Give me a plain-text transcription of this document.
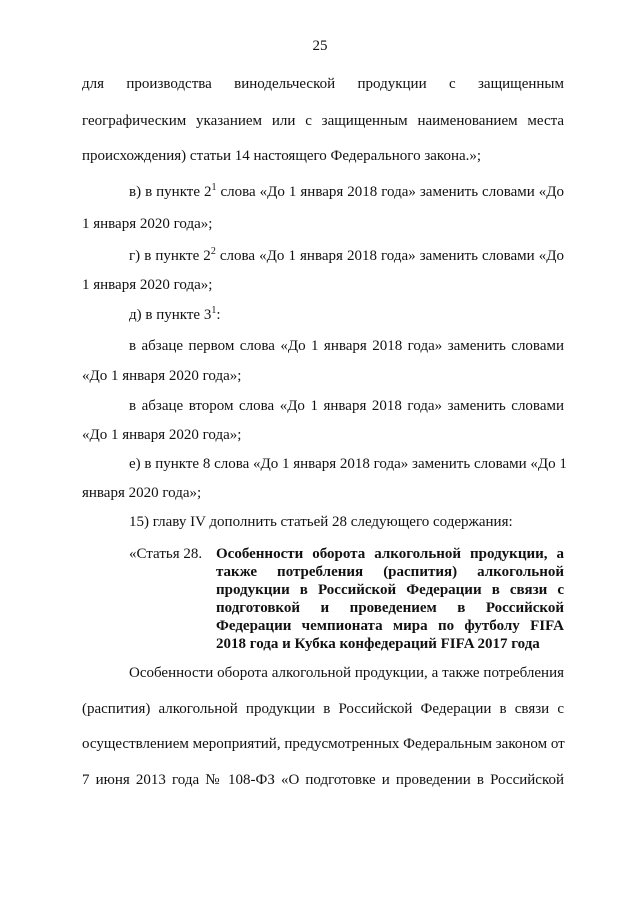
25
для производства винодельческой продукции с защищенным
географическим указанием или с защищенным наименованием места
происхождения) статьи 14 настоящего Федерального закона.»;
в) в пункте $2^1$ слова «До 1 января 2018 года» заменить словами «До
1 января 2020 года»;
г) в пункте $2^2$ слова «До 1 января 2018 года» заменить словами «До
1 января 2020 года»;
д) в пункте $3^1$:
в абзаце первом слова «До 1 января 2018 года» заменить словами
«До 1 января 2020 года»;
в абзаце втором слова «До 1 января 2018 года» заменить словами
«До 1 января 2020 года»;
е) в пункте 8 слова «До 1 января 2018 года» заменить словами «До 1
января 2020 года»;
15) главу IV дополнить статьей 28 следующего содержания:
«Статья 28. Особенности оборота алкогольной продукции, а
также потребления (распития) алкогольной
продукции в Российской Федерации в связи с
подготовкой и проведением в Российской
Федерации чемпионата мира по футболу FIFA
2018 года и Кубка конфедераций FIFA 2017 года
Особенности оборота алкогольной продукции, а также потребления
(распития) алкогольной продукции в Российской Федерации в связи с
осуществлением мероприятий, предусмотренных Федеральным законом от
7 июня 2013 года № 108-ФЗ «О подготовке и проведении в Российской
